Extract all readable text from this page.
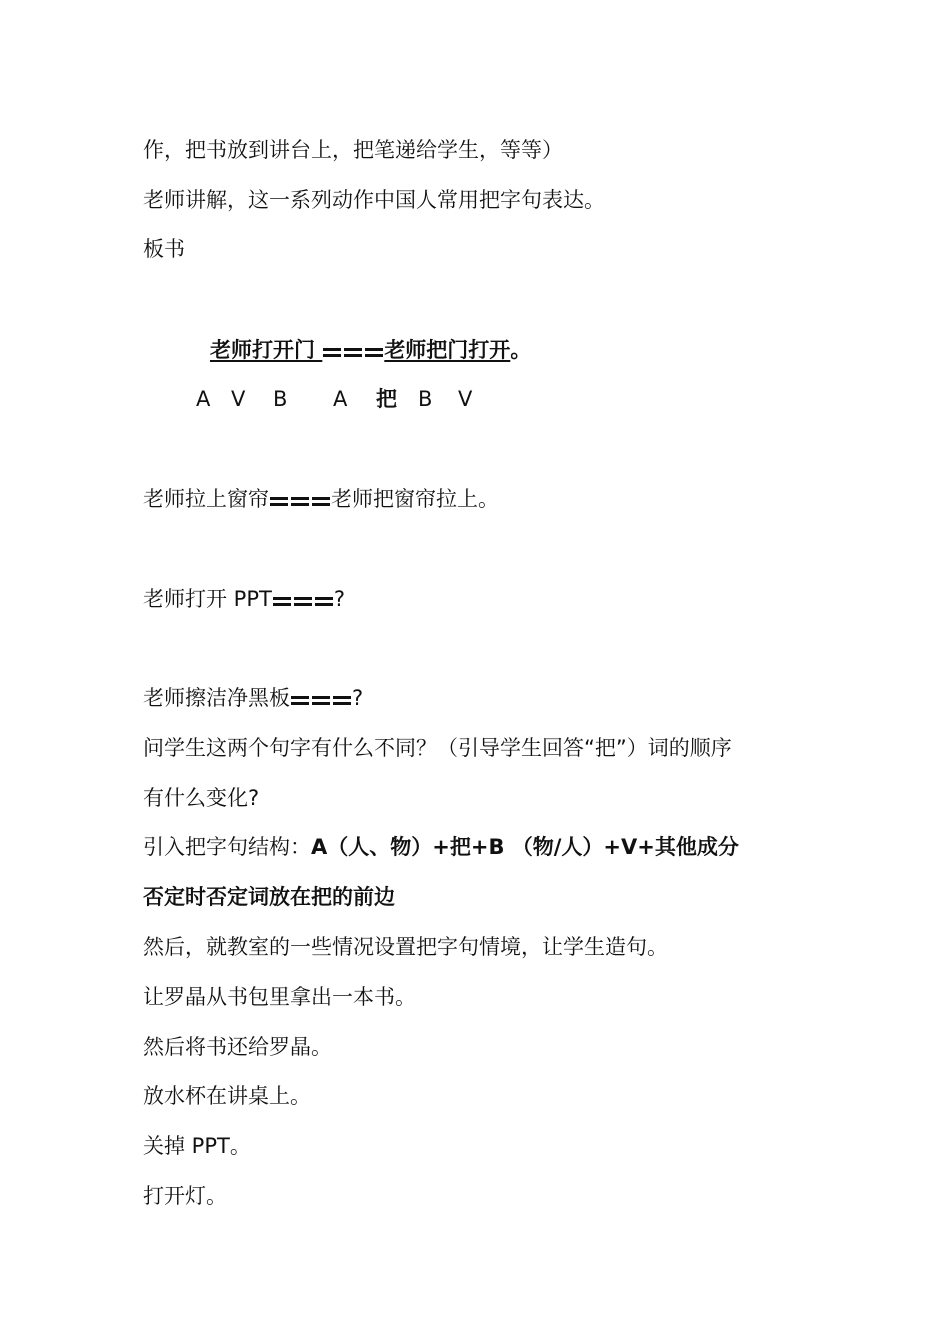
作，把书放到讲台上，把笔递给学生，等等）
老师讲解，这一系列动作中国人常用把字句表达。
板书
老师打开门	老师把门打开。
A V B A 把 B V
老师拉上窗帘	老师把窗帘拉上。
老师打开 PPT	?
老师擦洁净黑板	?
问学生这两个句字有什么不同？（引导学生回答“把”）词的顺序
有什么变化?
引入把字句结构：A（人、物）+把+B （物/人）+V+其他成分
否定时否定词放在把的前边
然后，就教室的一些情况设置把字句情境，让学生造句。
让罗晶从书包里拿出一本书。
然后将书还给罗晶。
放水杯在讲桌上。
关掉 PPT。
打开灯。
